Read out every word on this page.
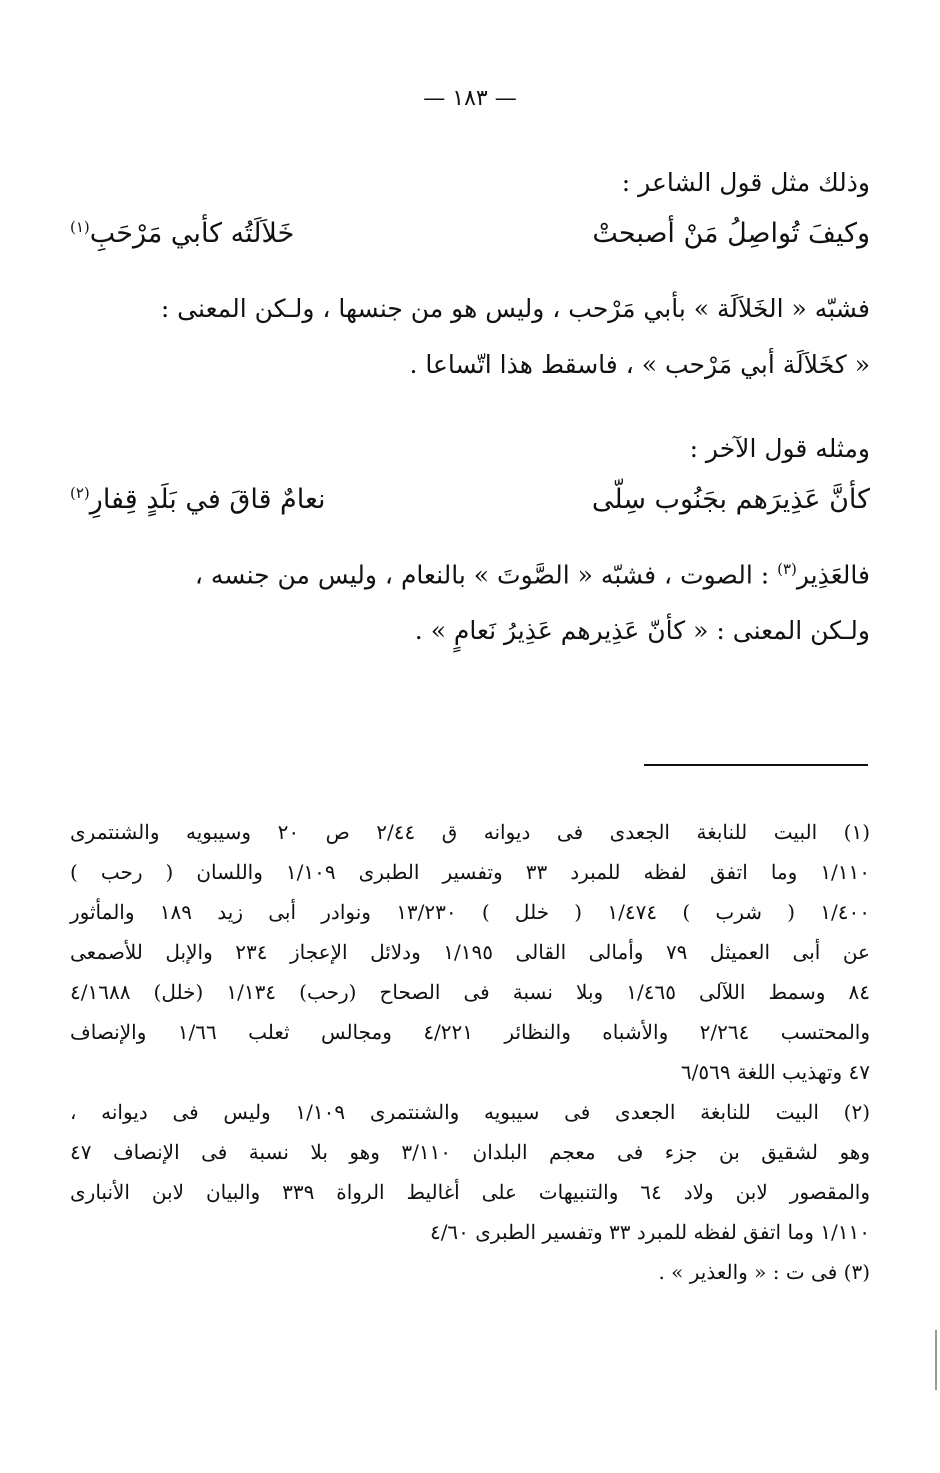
— ١٨٣ —

وذلك مثل قول الشاعر :

وكيفَ تُواصِلُ مَنْ أصبحتْ
خَلاَلَتُه كأبي مَرْحَبِ$^{(١)}$

فشبّه « الخَلاَلَة » بأبي مَرْحب ، وليس هو من جنسها ، ولـكن المعنى :

« كخَلاَلَة أبي مَرْحب » ، فاسقط هذا اتّساعا .

ومثله قول الآخر :

كأنَّ عَذِيرَهم بجَنُوب سِلّى
نعامٌ قاقَ في بَلَدٍ قِفارِ$^{(٢)}$

فالعَذِير$^{(٣)}$ : الصوت ، فشبّه « الصَّوتَ » بالنعام ، وليس من جنسه ،

ولـكن المعنى : « كأنّ عَذِيرهم عَذِيرُ نَعامٍ » .

(١) البيت للنابغة الجعدى فى ديوانه ق ٢/٤٤ ص ٢٠ وسيبويه والشنتمرى
١/١١٠ وما اتفق لفظه للمبرد ٣٣ وتفسير الطبرى ١/١٠٩ واللسان ( رحب )
١/٤٠٠ ( شرب ) ١/٤٧٤ ( خلل ) ١٣/٢٣٠ ونوادر أبى زيد ١٨٩ والمأثور
عن أبى العميثل ٧٩ وأمالى القالى ١/١٩٥ ودلائل الإعجاز ٢٣٤ والإبل للأصمعى
٨٤ وسمط اللآلى ١/٤٦٥ وبلا نسبة فى الصحاح (رحب) ١/١٣٤ (خلل) ٤/١٦٨٨
والمحتسب ٢/٢٦٤ والأشباه والنظائر ٤/٢٢١ ومجالس ثعلب ١/٦٦ والإنصاف
٤٧ وتهذيب اللغة ٦/٥٦٩
(٢) البيت للنابغة الجعدى فى سيبويه والشنتمرى ١/١٠٩ وليس فى ديوانه ،
وهو لشقيق بن جزء فى معجم البلدان ٣/١١٠ وهو بلا نسبة فى الإنصاف ٤٧
والمقصور لابن ولاد ٦٤ والتنبيهات على أغاليط الرواة ٣٣٩ والبيان لابن الأنبارى
١/١١٠ وما اتفق لفظه للمبرد ٣٣ وتفسير الطبرى ٤/٦٠
(٣) فى ت : « والعذير » .
